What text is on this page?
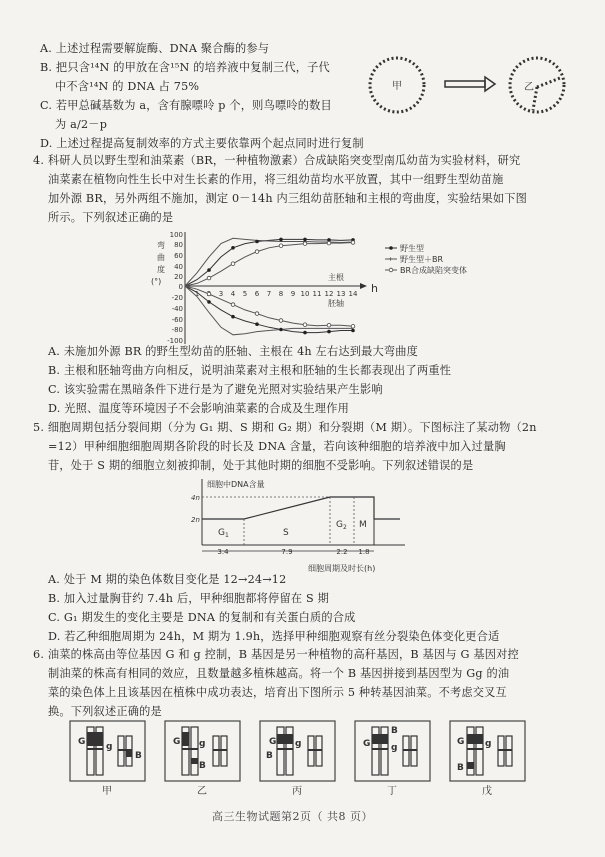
A. 上述过程需要解旋酶、DNA 聚合酶的参与
B. 把只含¹⁴N 的甲放在含¹⁵N 的培养液中复制三代，子代
中不含¹⁴N 的 DNA 占 75%
C. 若甲总碱基数为 a，含有腺嘌呤 p 个，则鸟嘌呤的数目
为 a/2－p
D. 上述过程提高复制效率的方式主要依靠两个起点同时进行复制
甲	乙
4. 科研人员以野生型和油菜素（BR，一种植物激素）合成缺陷突变型南瓜幼苗为实验材料，研究
油菜素在植物向性生长中对生长素的作用，将三组幼苗均水平放置，其中一组野生型幼苗施
加外源 BR，另外两组不施加，测定 0－14h 内三组幼苗胚轴和主根的弯曲度，实验结果如下图
所示。下列叙述正确的是
h
100
80
60
40
20
0
-20
-40
-60
-80
-100
弯
曲
度
(°)
1	3 4 5 6 7 8 9 10 11 12 13 14
主根
胚轴
野生型
+ 野生型＋BR
BR合成缺陷突变体
A. 未施加外源 BR 的野生型幼苗的胚轴、主根在 4h 左右达到最大弯曲度
B. 主根和胚轴弯曲方向相反，说明油菜素对主根和胚轴的生长都表现出了两重性
C. 该实验需在黑暗条件下进行是为了避免光照对实验结果产生影响
D. 光照、温度等环境因子不会影响油菜素的合成及生理作用
5. 细胞周期包括分裂间期（分为 G₁ 期、S 期和 G₂ 期）和分裂期（M 期）。下图标注了某动物（2n
=12）甲种细胞细胞周期各阶段的时长及 DNA 含量，若向该种细胞的培养液中加入过量胸
苷，处于 S 期的细胞立刻被抑制，处于其他时期的细胞不受影响。下列叙述错误的是
细胞中DNA含量
4n
2n
$G_1$	S
$G_2$ M
3.4	7.9	2.2 1.8
细胞周期及时长(h)
A. 处于 M 期的染色体数目变化是 12→24→12
B. 加入过量胸苷约 7.4h 后，甲种细胞都将停留在 S 期
C. G₁ 期发生的变化主要是 DNA 的复制和有关蛋白质的合成
D. 若乙种细胞周期为 24h，M 期为 1.9h，选择甲种细胞观察有丝分裂染色体变化更合适
6. 油菜的株高由等位基因 G 和 g 控制，B 基因是另一种植物的高秆基因，B 基因与 G 基因对控
制油菜的株高有相同的效应，且数量越多植株越高。将一个 B 基因拼接到基因型为 Gg 的油
菜的染色体上且该基因在植株中成功表达，培育出下图所示 5 种转基因油菜。不考虑交叉互
换。下列叙述正确的是
G g
B
G g
B
G g
B
G
B
g
G g
B
甲	乙	丙	丁	戊
高三生物试题第2页（ 共8 页）
